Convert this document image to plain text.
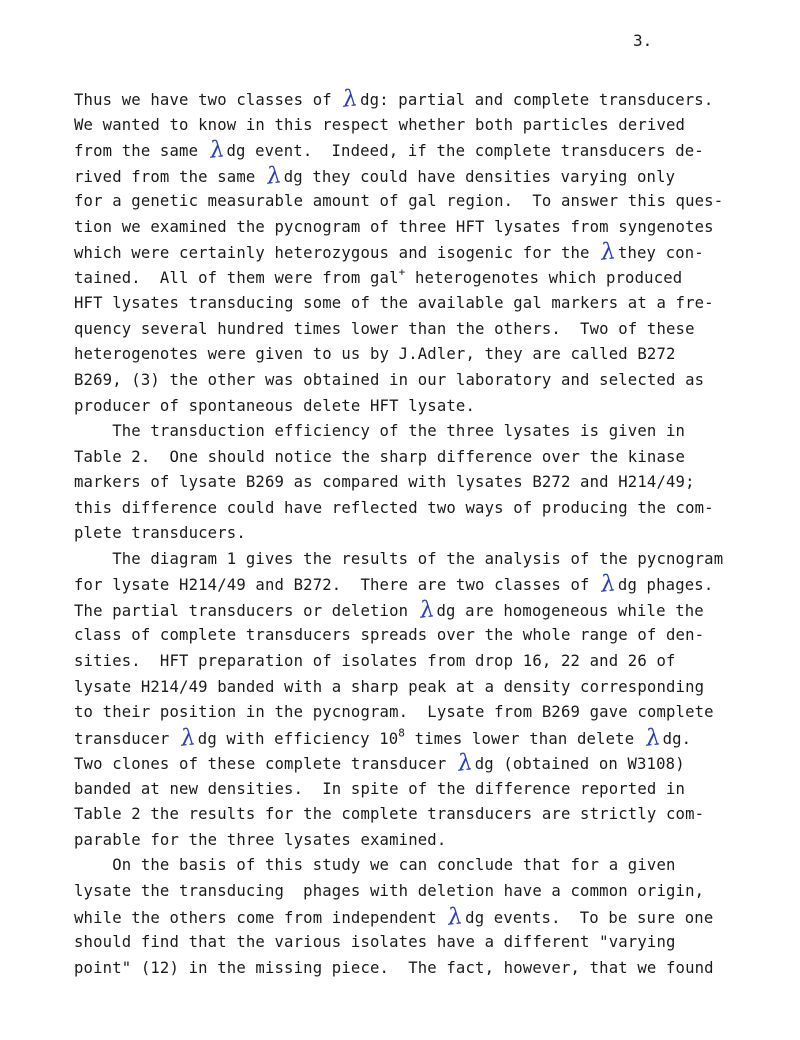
3.
Thus we have two classes of λdg: partial and complete transducers.
We wanted to know in this respect whether both particles derived
from the same λdg event.  Indeed, if the complete transducers de-
rived from the same λdg they could have densities varying only
for a genetic measurable amount of gal region.  To answer this ques-
tion we examined the pycnogram of three HFT lysates from syngenotes
which were certainly heterozygous and isogenic for the λthey con-
tained.  All of them were from gal+ heterogenotes which produced
HFT lysates transducing some of the available gal markers at a fre-
quency several hundred times lower than the others.  Two of these
heterogenotes were given to us by J.Adler, they are called B272
B269, (3) the other was obtained in our laboratory and selected as
producer of spontaneous delete HFT lysate.
The transduction efficiency of the three lysates is given in
Table 2.  One should notice the sharp difference over the kinase
markers of lysate B269 as compared with lysates B272 and H214/49;
this difference could have reflected two ways of producing the com-
plete transducers.
The diagram 1 gives the results of the analysis of the pycnogram
for lysate H214/49 and B272.  There are two classes of λdg phages.
The partial transducers or deletion λdg are homogeneous while the
class of complete transducers spreads over the whole range of den-
sities.  HFT preparation of isolates from drop 16, 22 and 26 of
lysate H214/49 banded with a sharp peak at a density corresponding
to their position in the pycnogram.  Lysate from B269 gave complete
transducer λdg with efficiency $10^8$ times lower than delete λdg.
Two clones of these complete transducer λdg (obtained on W3108)
banded at new densities.  In spite of the difference reported in
Table 2 the results for the complete transducers are strictly com-
parable for the three lysates examined.
On the basis of this study we can conclude that for a given
lysate the transducing  phages with deletion have a common origin,
while the others come from independent λdg events.  To be sure one
should find that the various isolates have a different "varying
point" (12) in the missing piece.  The fact, however, that we found
